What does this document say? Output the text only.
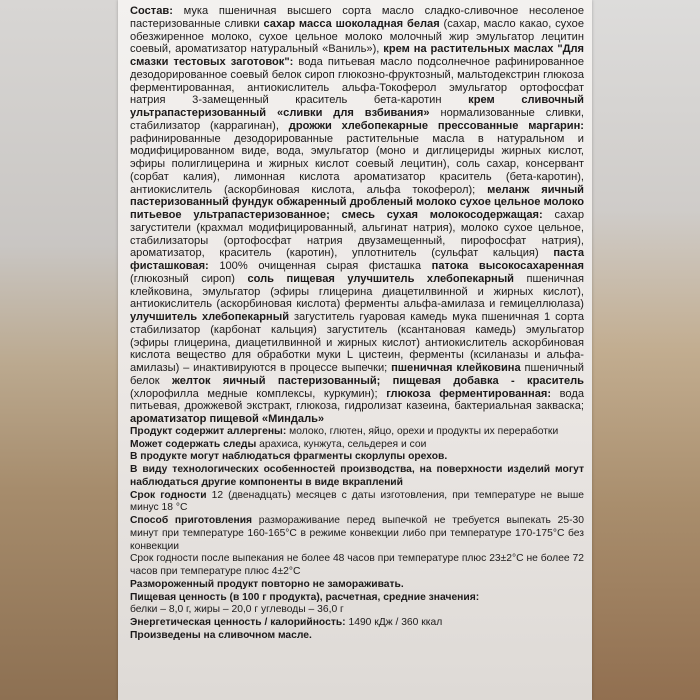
Состав: мука пшеничная высшего сорта масло сладко-сливочное несоленое пастеризованные сливки сахар масса шоколадная белая (сахар, масло какао, сухое обезжиренное молоко, сухое цельное молоко молочный жир эмульгатор лецитин соевый, ароматизатор натуральный «Ваниль»), крем на растительных маслах "Для смазки тестовых заготовок": вода питьевая масло подсолнечное рафинированное дезодорированное соевый белок сироп глюкозно-фруктозный, мальтодекстрин глюкоза ферментированная, антиокислитель альфа-Токоферол эмульгатор ортофосфат натрия 3-замещенный краситель бета-каротин крем сливочный ультрапастеризованный «сливки для взбивания» нормализованные сливки, стабилизатор (каррагинан), дрожжи хлебопекарные прессованные маргарин: рафинированные дезодорированные растительные масла в натуральном и модифицированном виде, вода, эмульгатор (моно и диглицериды жирных кислот, эфиры полиглицерина и жирных кислот соевый лецитин), соль сахар, консервант (сорбат калия), лимонная кислота ароматизатор краситель (бета-каротин), антиокислитель (аскорбиновая кислота, альфа токоферол); меланж яичный пастеризованный фундук обжаренный дробленый молоко сухое цельное молоко питьевое ультрапастеризованное; смесь сухая молокосодержащая: сахар загустители (крахмал модифицированный, альгинат натрия), молоко сухое цельное, стабилизаторы (ортофосфат натрия двузамещенный, пирофосфат натрия), ароматизатор, краситель (каротин), уплотнитель (сульфат кальция) паста фисташковая: 100% очищенная сырая фисташка патока высокосахаренная (глюкозный сироп) соль пищевая улучшитель хлебопекарный пшеничная клейковина, эмульгатор (эфиры глицерина диацетилвинной и жирных кислот), антиокислитель (аскорбиновая кислота) ферменты альфа-амилаза и гемицеллюлаза) улучшитель хлебопекарный загуститель гуаровая камедь мука пшеничная 1 сорта стабилизатор (карбонат кальция) загуститель (ксантановая камедь) эмульгатор (эфиры глицерина, диацетилвинной и жирных кислот) антиокислитель аскорбиновая кислота вещество для обработки муки L цистеин, ферменты (ксиланазы и альфа-амилазы) – инактивируются в процессе выпечки; пшеничная клейковина пшеничный белок желток яичный пастеризованный; пищевая добавка - краситель (хлорофиллa медные комплексы, куркумин); глюкоза ферментированная: вода питьевая, дрожжевой экстракт, глюкоза, гидролизат казеина, бактериальная закваска; ароматизатор пищевой «Миндаль»

Продукт содержит аллергены: молоко, глютен, яйцо, орехи и продукты их переработки

Может содержать следы арахиса, кунжута, сельдерея и сои

В продукте могут наблюдаться фрагменты скорлупы орехов.

В виду технологических особенностей производства, на поверхности изделий могут наблюдаться другие компоненты в виде вкраплений

Срок годности 12 (двенадцать) месяцев с даты изготовления, при температуре не выше минус 18 °С

Способ приготовления размораживание перед выпечкой не требуется выпекать 25-30 минут при температуре 160-165°С в режиме конвекции либо при температуре 170-175°С без конвекции

Срок годности после выпекания не более 48 часов при температуре плюс 23±2°С не более 72 часов при температуре плюс 4±2°С

Размороженный продукт повторно не замораживать.

Пищевая ценность (в 100 г продукта), расчетная, средние значения:

белки – 8,0 г, жиры – 20,0 г углеводы – 36,0 г

Энергетическая ценность / калорийность: 1490 кДж / 360 ккал

Произведены на сливочном масле.
